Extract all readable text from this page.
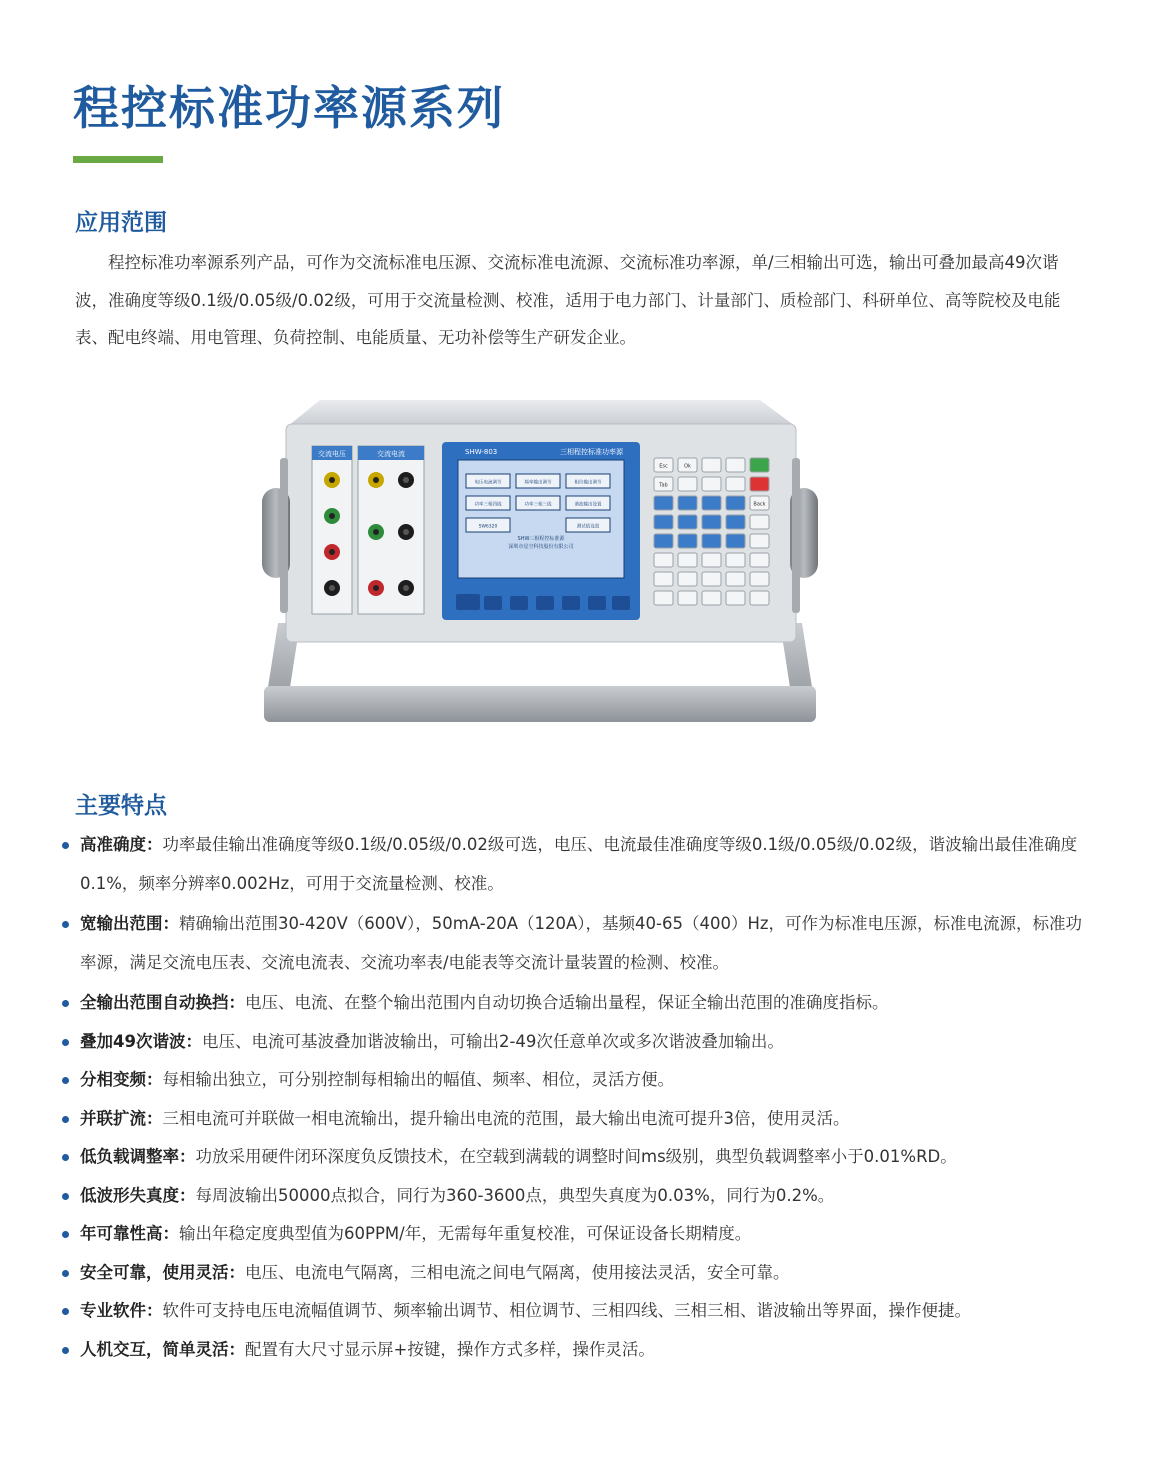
程控标准功率源系列
应用范围

程控标准功率源系列产品，可作为交流标准电压源、交流标准电流源、交流标准功率源，单/三相输出可选，输出可叠加最高49次谐波，准确度等级0.1级/0.05级/0.02级，可用于交流量检测、校准，适用于电力部门、计量部门、质检部门、科研单位、高等院校及电能表、配电终端、用电管理、负荷控制、电能质量、无功补偿等生产研发企业。

交流电压	交流电流	SHW-803	三相程控标准功率源
电压电流调节	频率输出调节	相位输出调节
功率三相四线	功率三相三线	谐波输出设置
SW6320	测试值设置
SHW三相程控标准源
深圳市星空科技股份有限公司
Esc	Ok
Tab
Back
主要特点
高准确度：功率最佳输出准确度等级0.1级/0.05级/0.02级可选，电压、电流最佳准确度等级0.1级/0.05级/0.02级，谐波输出最佳准确度0.1%，频率分辨率0.002Hz，可用于交流量检测、校准。
宽输出范围：精确输出范围30-420V（600V），50mA-20A（120A），基频40-65（400）Hz，可作为标准电压源，标准电流源，标准功率源，满足交流电压表、交流电流表、交流功率表/电能表等交流计量装置的检测、校准。
全输出范围自动换挡：电压、电流、在整个输出范围内自动切换合适输出量程，保证全输出范围的准确度指标。
叠加49次谐波：电压、电流可基波叠加谐波输出，可输出2-49次任意单次或多次谐波叠加输出。
分相变频：每相输出独立，可分别控制每相输出的幅值、频率、相位，灵活方便。
并联扩流：三相电流可并联做一相电流输出，提升输出电流的范围，最大输出电流可提升3倍，使用灵活。
低负载调整率：功放采用硬件闭环深度负反馈技术，在空载到满载的调整时间ms级别，典型负载调整率小于0.01%RD。
低波形失真度：每周波输出50000点拟合，同行为360-3600点，典型失真度为0.03%，同行为0.2%。
年可靠性高：输出年稳定度典型值为60PPM/年，无需每年重复校准，可保证设备长期精度。
安全可靠，使用灵活：电压、电流电气隔离，三相电流之间电气隔离，使用接法灵活，安全可靠。
专业软件：软件可支持电压电流幅值调节、频率输出调节、相位调节、三相四线、三相三相、谐波输出等界面，操作便捷。
人机交互，简单灵活：配置有大尺寸显示屏+按键，操作方式多样，操作灵活。
